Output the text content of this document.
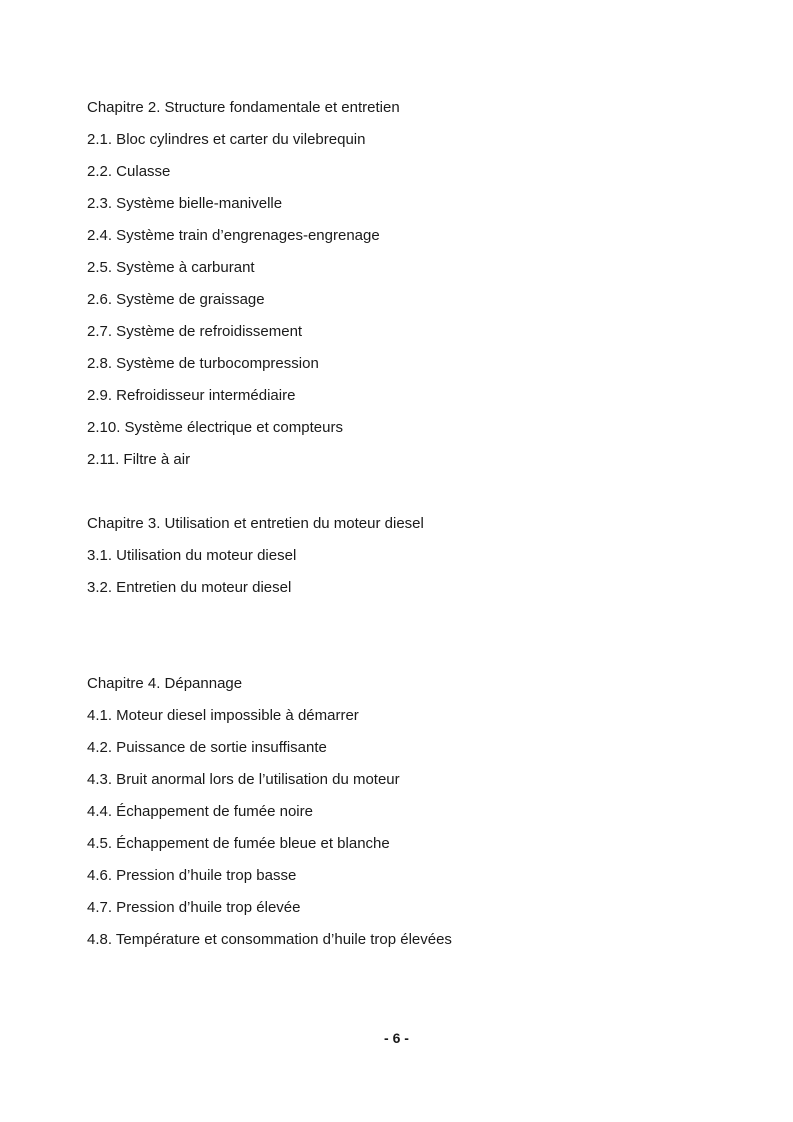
Chapitre 2. Structure fondamentale et entretien
2.1. Bloc cylindres et carter du vilebrequin
2.2. Culasse
2.3. Système bielle-manivelle
2.4. Système train d’engrenages-engrenage
2.5. Système à carburant
2.6. Système de graissage
2.7. Système de refroidissement
2.8. Système de turbocompression
2.9. Refroidisseur intermédiaire
2.10. Système électrique et compteurs
2.11. Filtre à air
Chapitre 3. Utilisation et entretien du moteur diesel
3.1. Utilisation du moteur diesel
3.2. Entretien du moteur diesel
Chapitre 4. Dépannage
4.1. Moteur diesel impossible à démarrer
4.2. Puissance de sortie insuffisante
4.3. Bruit anormal lors de l’utilisation du moteur
4.4. Échappement de fumée noire
4.5. Échappement de fumée bleue et blanche
4.6. Pression d’huile trop basse
4.7. Pression d’huile trop élevée
4.8. Température et consommation d’huile trop élevées
- 6 -
